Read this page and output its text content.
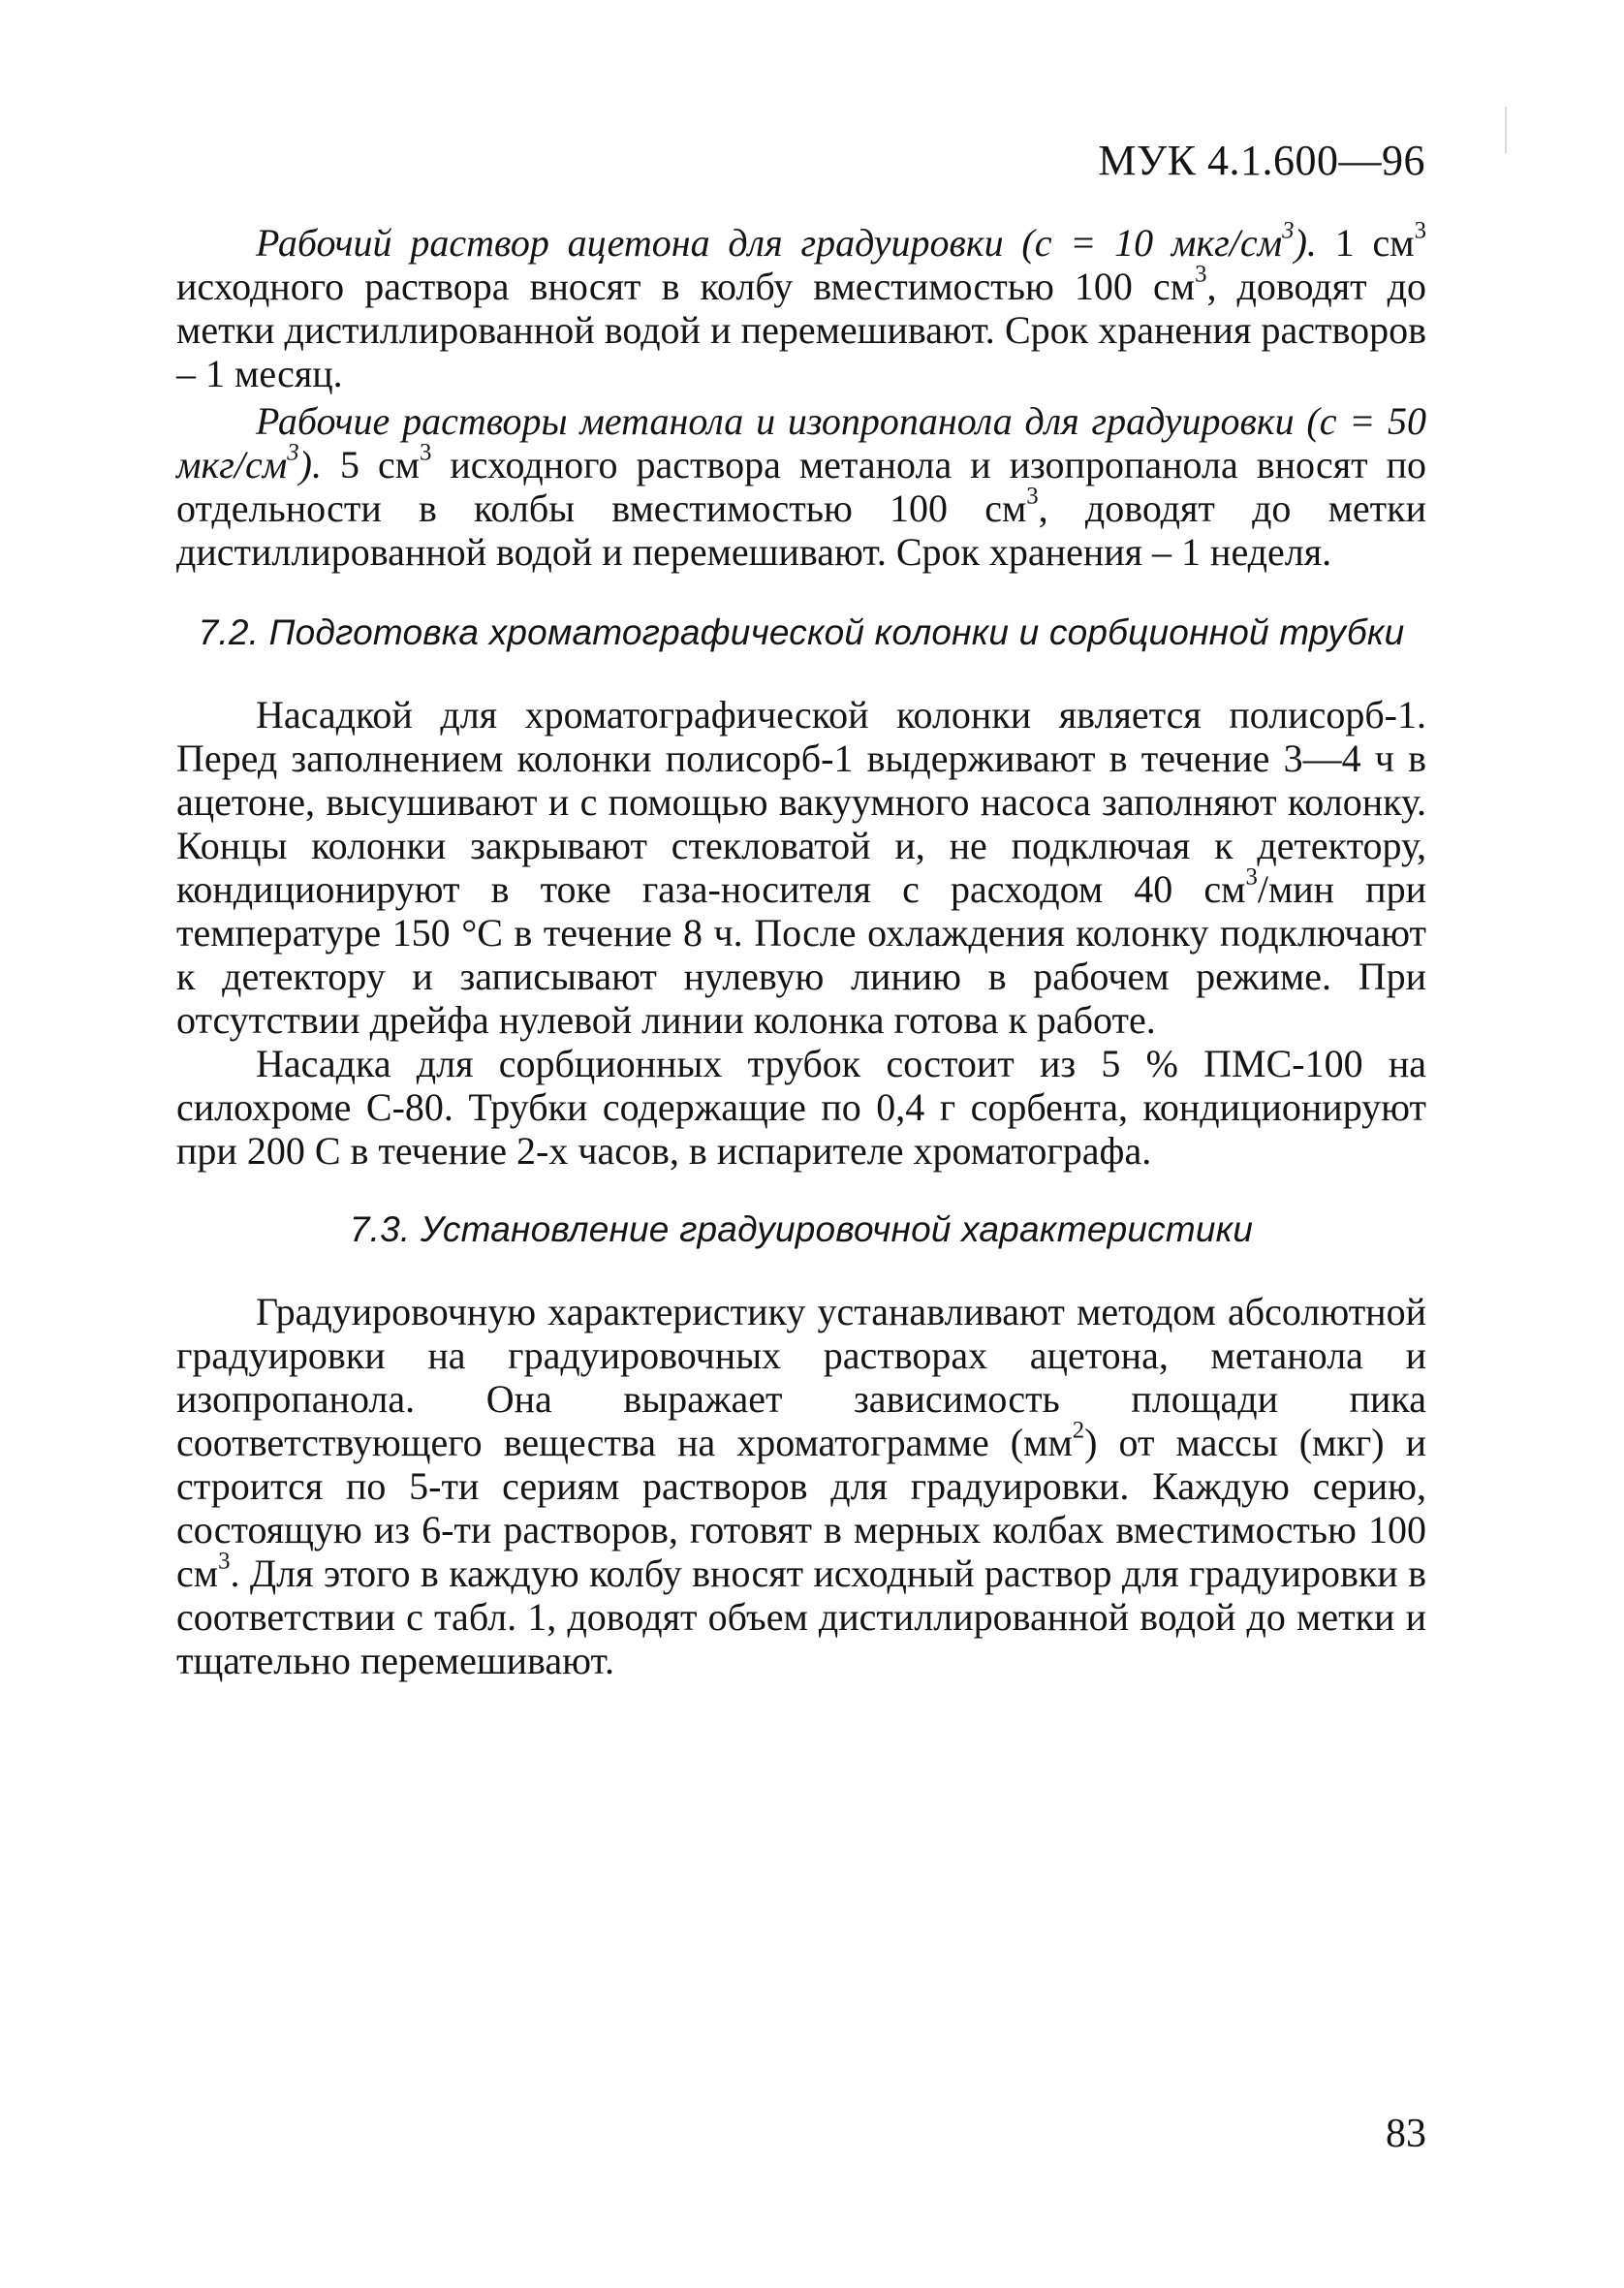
МУК 4.1.600—96

Рабочий раствор ацетона для градуировки (с = 10 мкг/$см^3$). 1 $см^3$ исходного раствора вносят в колбу вместимостью 100 $см^3$, доводят до метки дистиллированной водой и перемешивают. Срок хранения растворов – 1 месяц.

Рабочие растворы метанола и изопропанола для градуировки (с = 50 мкг/$см^3$). 5 $см^3$ исходного раствора метанола и изопропанола вносят по отдельности в колбы вместимостью 100 $см^3$, доводят до метки дистиллированной водой и перемешивают. Срок хранения – 1 неделя.

7.2. Подготовка хроматографической колонки и сорбционной трубки

Насадкой для хроматографической колонки является полисорб-1. Перед заполнением колонки полисорб-1 выдерживают в течение 3—4 ч в ацетоне, высушивают и с помощью вакуумного насоса заполняют колонку. Концы колонки закрывают стекловатой и, не подключая к детектору, кондиционируют в токе газа-носителя с расходом 40 $см^3$/мин при температуре 150 °С в течение 8 ч. После охлаждения колонку подключают к детектору и записывают нулевую линию в рабочем режиме. При отсутствии дрейфа нулевой линии колонка готова к работе.

Насадка для сорбционных трубок состоит из 5 % ПМС-100 на силохроме С-80. Трубки содержащие по 0,4 г сорбента, кондиционируют при 200 С в течение 2-х часов, в испарителе хроматографа.

7.3. Установление градуировочной характеристики

Градуировочную характеристику устанавливают методом абсолютной градуировки на градуировочных растворах ацетона, метанола и изопропанола. Она выражает зависимость площади пика соответствующего вещества на хроматограмме $(мм^2)$ от массы (мкг) и строится по 5-ти сериям растворов для градуировки. Каждую серию, состоящую из 6-ти растворов, готовят в мерных колбах вместимостью 100 $см^3$. Для этого в каждую колбу вносят исходный раствор для градуировки в соответствии с табл. 1, доводят объем дистиллированной водой до метки и тщательно перемешивают.

83
